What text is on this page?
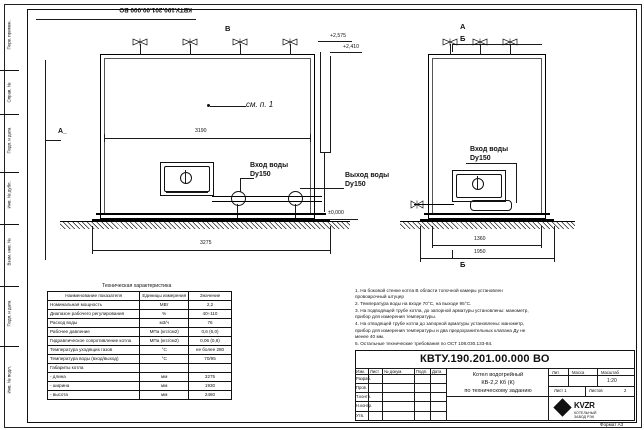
Перв. примен.
Справ. №
Подп. и дата
Инв. № дубл.
Взам. инв. №
Подп. и дата
Инв. № подл.
КВТУ.190.201.00.000 ВО
В
+2,575
+2,410
±0,000
см. п. 1
3190
Вход воды
Dу150	Выход воды
Dу150
3275
A_
А
Б
Вход воды
Dу150
1360
1950
Б
Техническая характеристика
Наименование показателя	Единицы измерения	Значение
Номинальная мощность	МВт	2,2
Диапазон рабочего регулирования	%	40÷110
Расход воды	м3/ч	76
Рабочее давление	МПа (кгс/см2)	0,6 (6,0)
Гидравлическое сопротивление котла	МПа (кгс/см2)	0,06 (0,6)
Температура уходящих газов	°С	не более 280
Температура воды (вход/выход)	°С	70/95
Габариты котла		
- длина	мм	3275
- ширина	мм	1930
- высота	мм	2460
1. На боковой стенке котла В области топочной камеры установлен провоарочный штуцер
2. Температура воды на входе 70°С, на выходе 95°С.
3. На подводящей трубе котла, до запорной арматуры установлены: манометр, прибор для измерения температуры.
4. На отводящей трубе котла до запорной арматуры установлены: манометр, прибор для измерения температуры и два предохранительных клапана Ду не менее 40 мм.
5. Остальные технические требования по ОСТ 108.030.133-84.
КВТУ.190.201.00.000 ВО
Изм. Лист № докум.	Подп. Дата
Разраб.
Пров.
Т.контр.
Н.контр.
Утв.
Котел водогрейный
КВ-2,2 Кб (К)
по техническому заданию
Лит.	Масса	Масштаб
1:20
Лист 1	Листов	2
KVZR
КОТЕЛЬНЫЙ
ЗАВОД РЭК
Формат А3
